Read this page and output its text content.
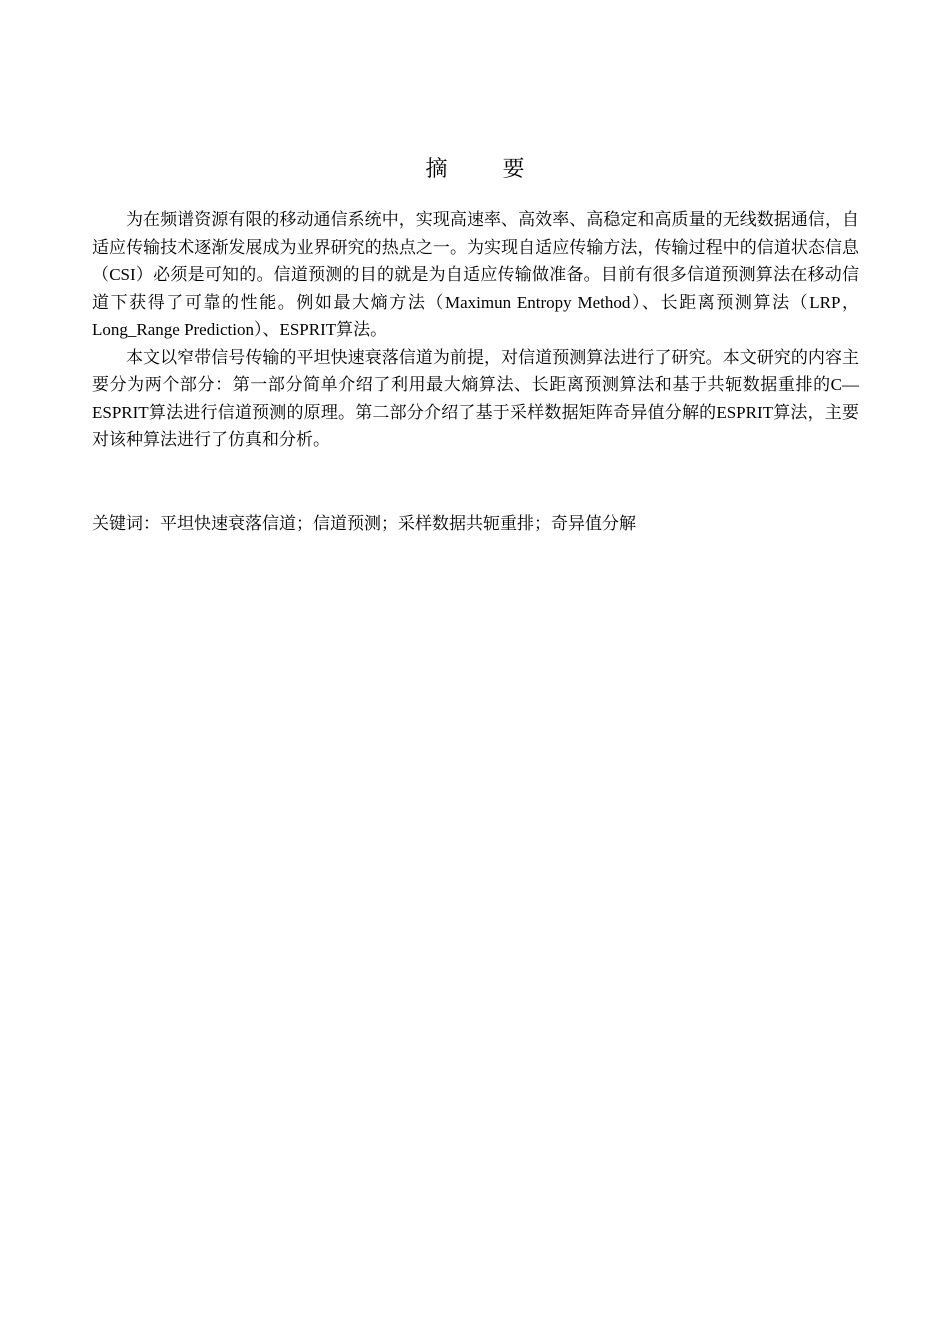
摘 要

为在频谱资源有限的移动通信系统中，实现高速率、高效率、高稳定和高质量的无线数据通信，自适应传输技术逐渐发展成为业界研究的热点之一。为实现自适应传输方法，传输过程中的信道状态信息（CSI）必须是可知的。信道预测的目的就是为自适应传输做准备。目前有很多信道预测算法在移动信道下获得了可靠的性能。例如最大熵方法（Maximun Entropy Method）、长距离预测算法（LRP，Long_Range Prediction）、ESPRIT算法。

本文以窄带信号传输的平坦快速衰落信道为前提，对信道预测算法进行了研究。本文研究的内容主要分为两个部分：第一部分简单介绍了利用最大熵算法、长距离预测算法和基于共轭数据重排的C—ESPRIT算法进行信道预测的原理。第二部分介绍了基于采样数据矩阵奇异值分解的ESPRIT算法，主要对该种算法进行了仿真和分析。

关键词：平坦快速衰落信道；信道预测；采样数据共轭重排；奇异值分解
